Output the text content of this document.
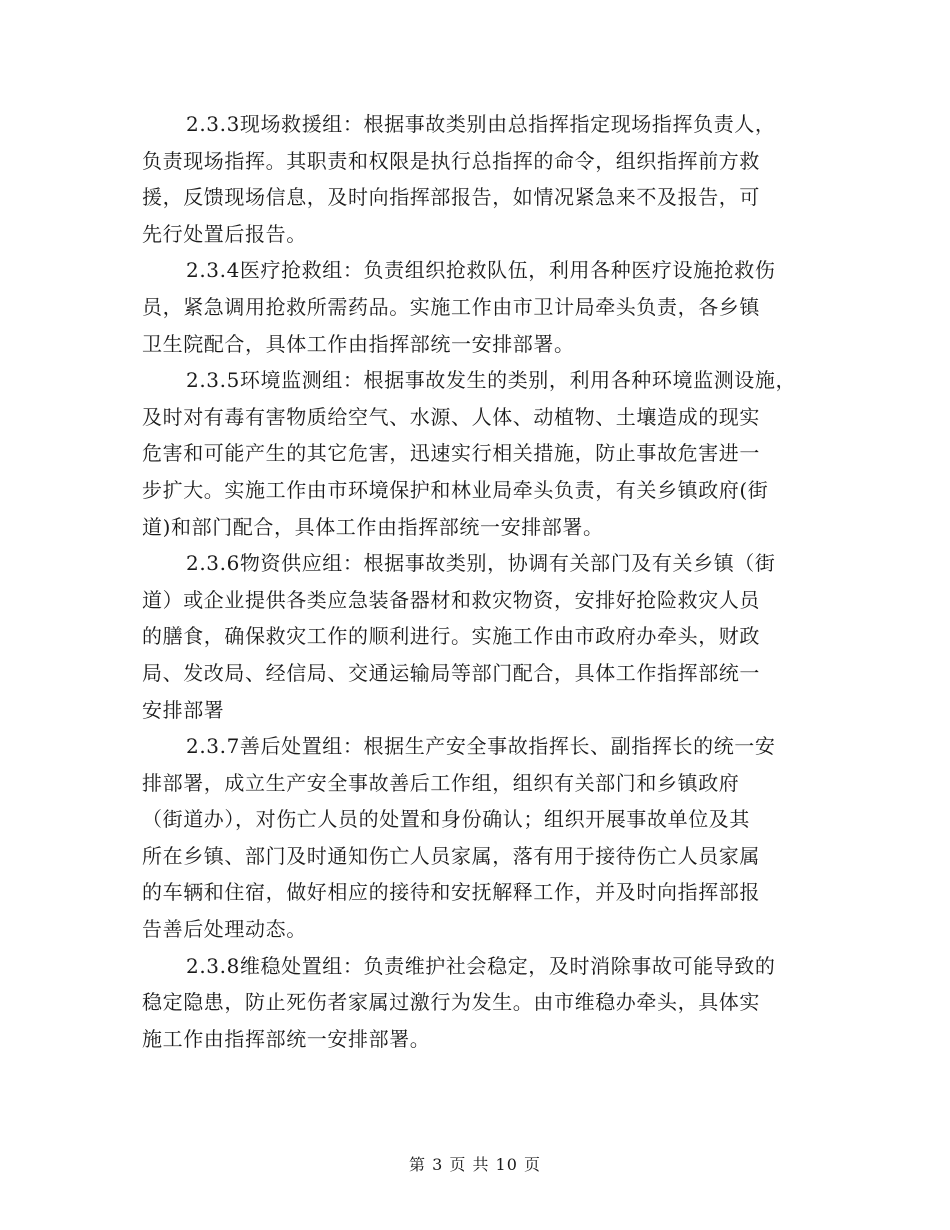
2.3.3现场救援组：根据事故类别由总指挥指定现场指挥负责人，
负责现场指挥。其职责和权限是执行总指挥的命令，组织指挥前方救
援，反馈现场信息，及时向指挥部报告，如情况紧急来不及报告，可
先行处置后报告。
2.3.4医疗抢救组：负责组织抢救队伍，利用各种医疗设施抢救伤
员，紧急调用抢救所需药品。实施工作由市卫计局牵头负责，各乡镇
卫生院配合，具体工作由指挥部统一安排部署。
2.3.5环境监测组：根据事故发生的类别，利用各种环境监测设施，
及时对有毒有害物质给空气、水源、人体、动植物、土壤造成的现实
危害和可能产生的其它危害，迅速实行相关措施，防止事故危害进一
步扩大。实施工作由市环境保护和林业局牵头负责，有关乡镇政府(街
道)和部门配合，具体工作由指挥部统一安排部署。
2.3.6物资供应组：根据事故类别，协调有关部门及有关乡镇（街
道）或企业提供各类应急装备器材和救灾物资，安排好抢险救灾人员
的膳食，确保救灾工作的顺利进行。实施工作由市政府办牵头，财政
局、发改局、经信局、交通运输局等部门配合，具体工作指挥部统一
安排部署
2.3.7善后处置组：根据生产安全事故指挥长、副指挥长的统一安
排部署，成立生产安全事故善后工作组，组织有关部门和乡镇政府
（街道办），对伤亡人员的处置和身份确认；组织开展事故单位及其
所在乡镇、部门及时通知伤亡人员家属，落有用于接待伤亡人员家属
的车辆和住宿，做好相应的接待和安抚解释工作，并及时向指挥部报
告善后处理动态。
2.3.8维稳处置组：负责维护社会稳定，及时消除事故可能导致的
稳定隐患，防止死伤者家属过激行为发生。由市维稳办牵头，具体实
施工作由指挥部统一安排部署。
第 3 页 共 10 页
